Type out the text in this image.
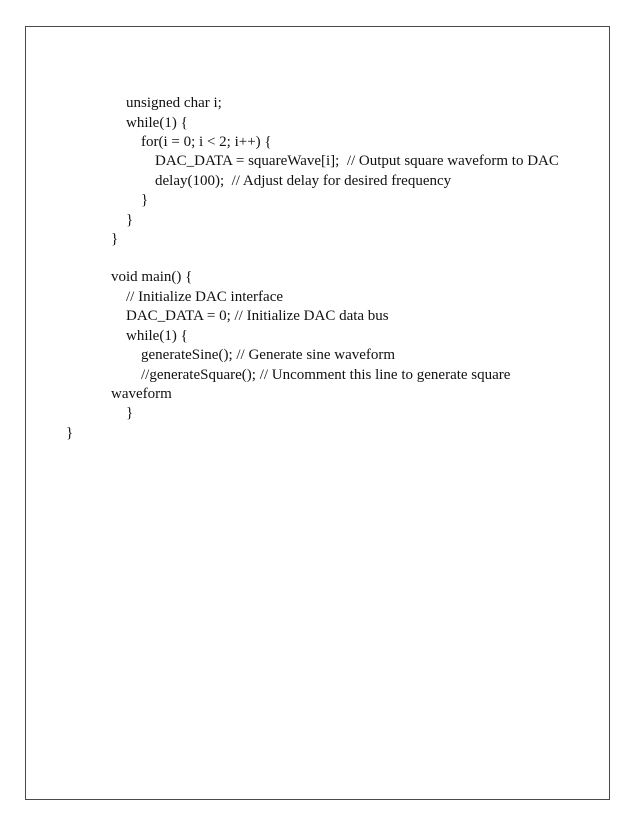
unsigned char i;

while(1) {

for(i = 0; i < 2; i++) {

DAC_DATA = squareWave[i];  // Output square waveform to DAC

delay(100);  // Adjust delay for desired frequency

}

}

}

void main() {

// Initialize DAC interface

DAC_DATA = 0; // Initialize DAC data bus

while(1) {

generateSine(); // Generate sine waveform

//generateSquare(); // Uncomment this line to generate square

waveform

}

}
